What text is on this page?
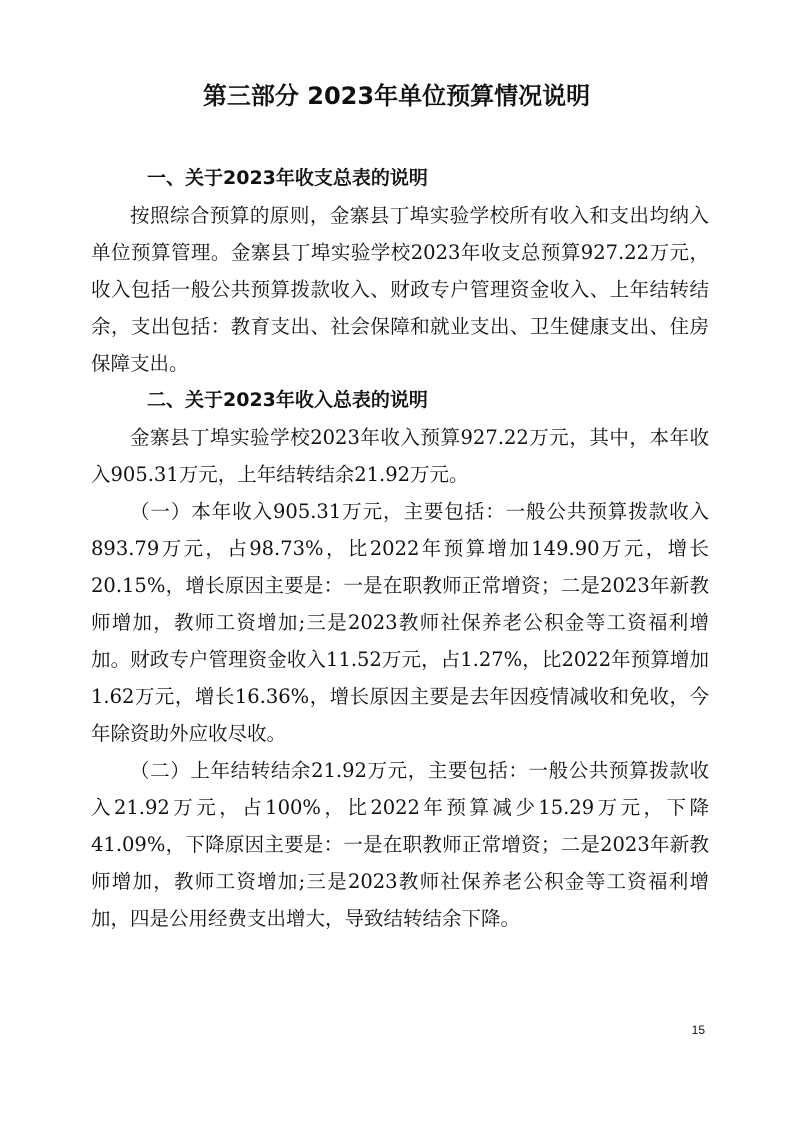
第三部分 2023年单位预算情况说明
一、关于2023年收支总表的说明

按照综合预算的原则，金寨县丁埠实验学校所有收入和支出均纳入单位预算管理。金寨县丁埠实验学校2023年收支总预算927.22万元，收入包括一般公共预算拨款收入、财政专户管理资金收入、上年结转结余，支出包括：教育支出、社会保障和就业支出、卫生健康支出、住房保障支出。

二、关于2023年收入总表的说明

金寨县丁埠实验学校2023年收入预算927.22万元，其中，本年收入905.31万元，上年结转结余21.92万元。

（一）本年收入905.31万元，主要包括：一般公共预算拨款收入893.79万元，占98.73%，比2022年预算增加149.90万元，增长20.15%，增长原因主要是：一是在职教师正常增资；二是2023年新教师增加，教师工资增加;三是2023教师社保养老公积金等工资福利增加。财政专户管理资金收入11.52万元，占1.27%，比2022年预算增加1.62万元，增长16.36%，增长原因主要是去年因疫情减收和免收，今年除资助外应收尽收。

（二）上年结转结余21.92万元，主要包括：一般公共预算拨款收入21.92万元，占100%，比2022年预算减少15.29万元，下降41.09%，下降原因主要是：一是在职教师正常增资；二是2023年新教师增加，教师工资增加;三是2023教师社保养老公积金等工资福利增加，四是公用经费支出增大，导致结转结余下降。

15
